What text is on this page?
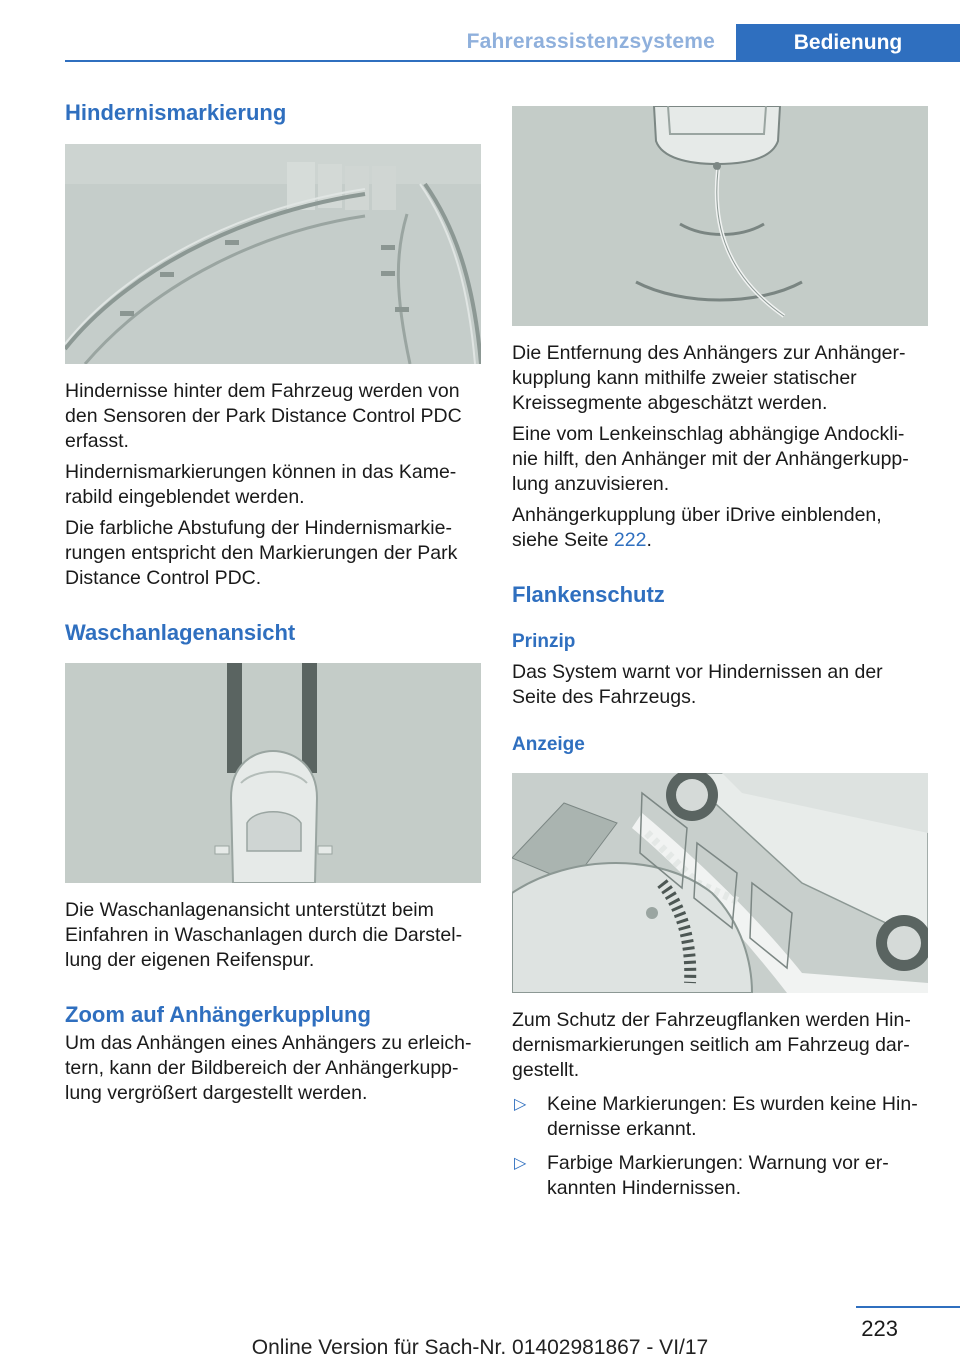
Fahrerassistenzsysteme	Bedienung
Hindernismarkierung

Hindernisse hinter dem Fahrzeug werden von den Sensoren der Park Distance Control PDC erfasst.

Hindernismarkierungen können in das Kame‐rabild eingeblendet werden.

Die farbliche Abstufung der Hindernismarkie‐rungen entspricht den Markierungen der Park Distance Control PDC.

Waschanlagenansicht

Die Waschanlagenansicht unterstützt beim Einfahren in Waschanlagen durch die Darstel‐lung der eigenen Reifenspur.

Zoom auf Anhängerkupplung

Um das Anhängen eines Anhängers zu erleich‐tern, kann der Bildbereich der Anhängerkupp‐lung vergrößert dargestellt werden.

Die Entfernung des Anhängers zur Anhänger‐kupplung kann mithilfe zweier statischer Kreissegmente abgeschätzt werden.

Eine vom Lenkeinschlag abhängige Andockli‐nie hilft, den Anhänger mit der Anhängerkupp‐lung anzuvisieren.

Anhängerkupplung über iDrive einblenden, siehe Seite 222.

Flankenschutz
Prinzip

Das System warnt vor Hindernissen an der Seite des Fahrzeugs.

Anzeige

Zum Schutz der Fahrzeugflanken werden Hin‐dernismarkierungen seitlich am Fahrzeug dar‐gestellt.

▷ Keine Markierungen: Es wurden keine Hin‐dernisse erkannt.
▷ Farbige Markierungen: Warnung vor er‐kannten Hindernissen.
223
Online Version für Sach-Nr. 01402981867 - VI/17
